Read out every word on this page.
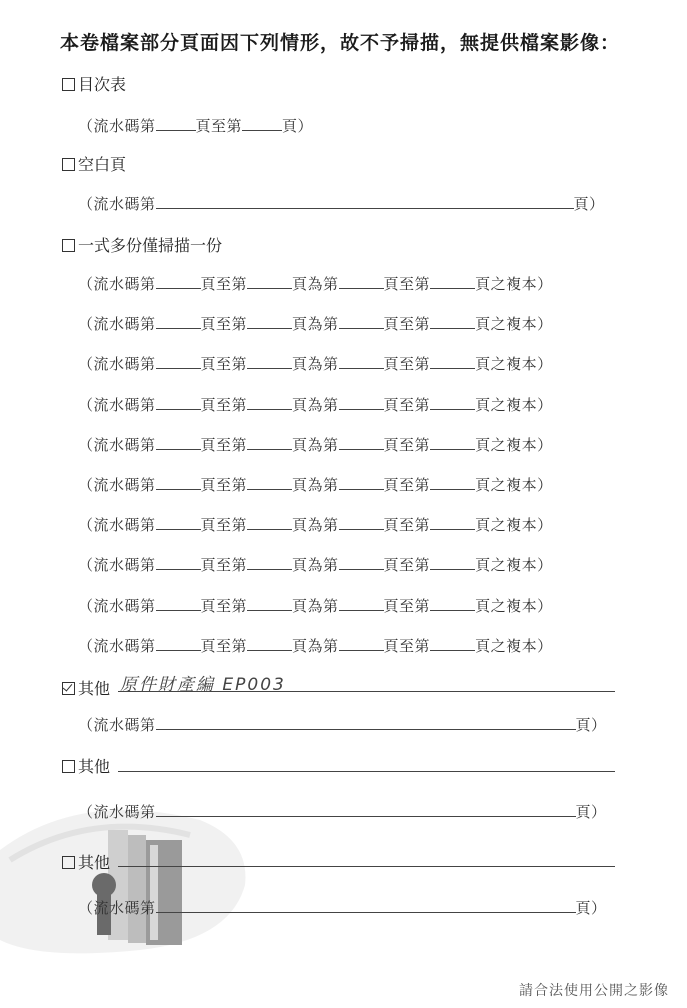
本卷檔案部分頁面因下列情形，故不予掃描，無提供檔案影像：
目次表
（流水碼第	頁至第	頁）
空白頁
（流水碼第	頁）
一式多份僅掃描一份
（流水碼第	頁至第	頁為第	頁至第	頁之複本）
（流水碼第	頁至第	頁為第	頁至第	頁之複本）
（流水碼第	頁至第	頁為第	頁至第	頁之複本）
（流水碼第	頁至第	頁為第	頁至第	頁之複本）
（流水碼第	頁至第	頁為第	頁至第	頁之複本）
（流水碼第	頁至第	頁為第	頁至第	頁之複本）
（流水碼第	頁至第	頁為第	頁至第	頁之複本）
（流水碼第	頁至第	頁為第	頁至第	頁之複本）
（流水碼第	頁至第	頁為第	頁至第	頁之複本）
（流水碼第	頁至第	頁為第	頁至第	頁之複本）
其他 原件財產編 EP003
（流水碼第	頁）
其他
（流水碼第	頁）
其他
（流水碼第	頁）
請合法使用公開之影像
